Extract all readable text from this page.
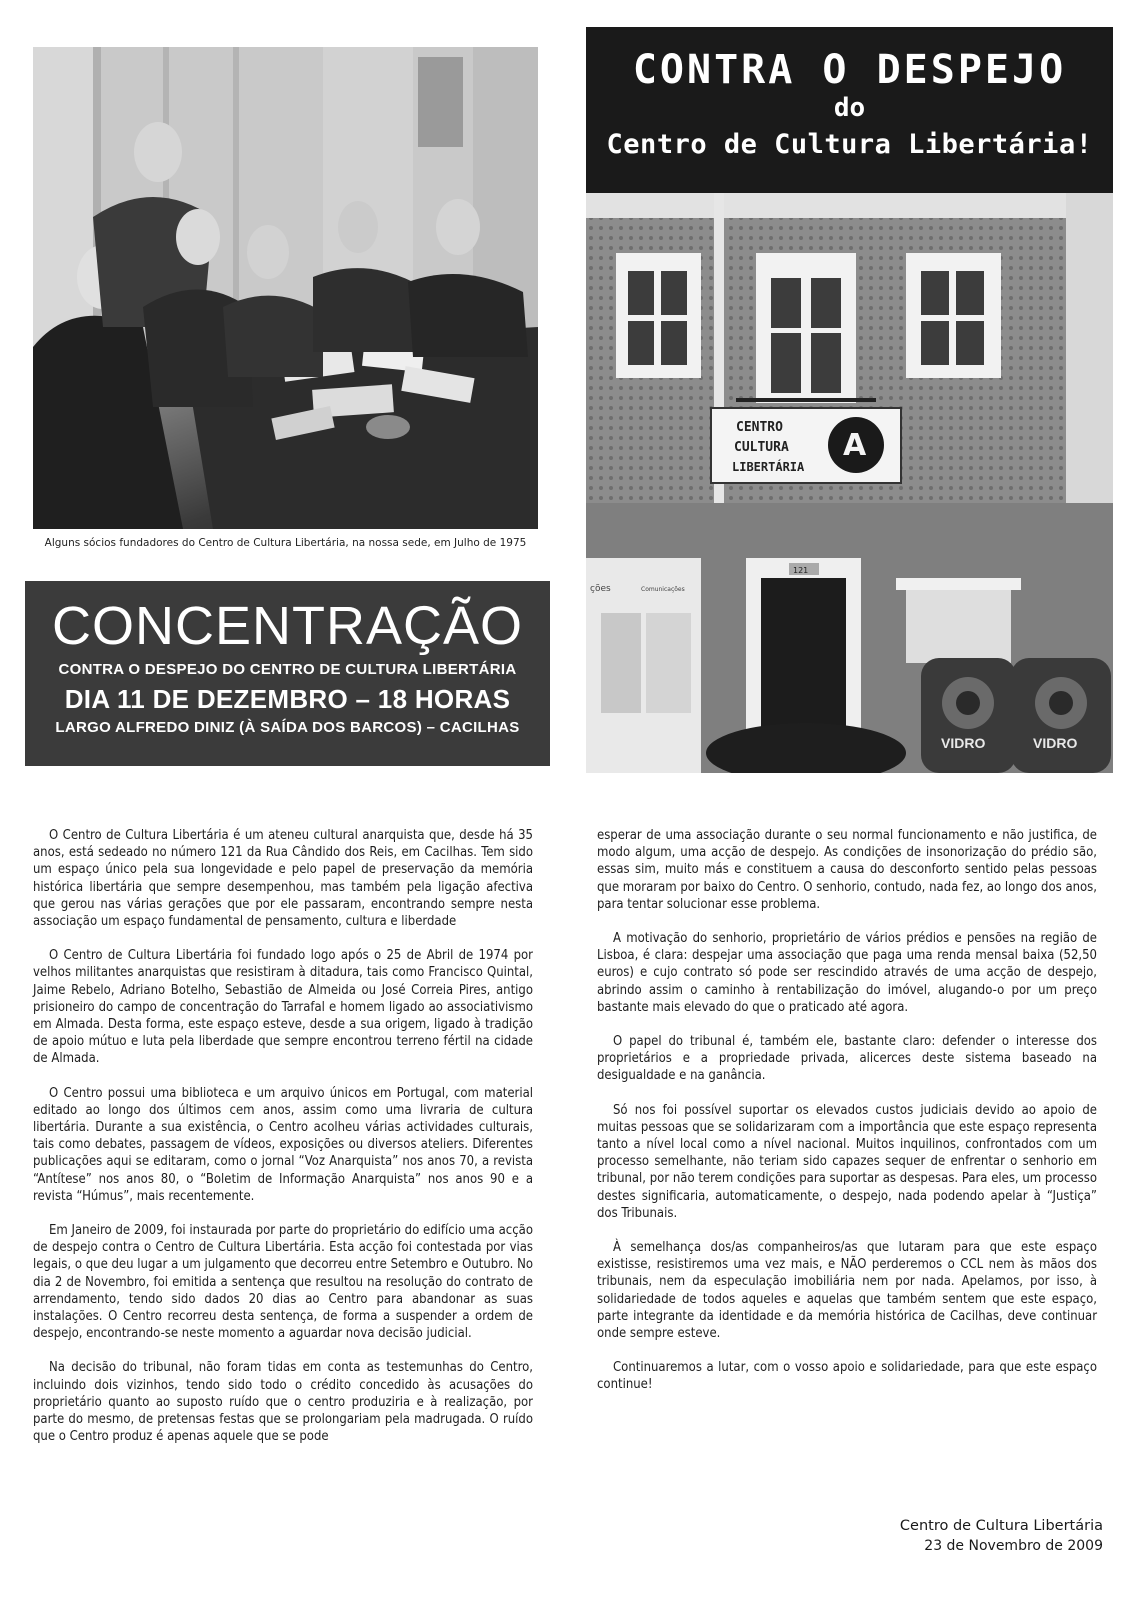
Alguns sócios fundadores do Centro de Cultura Libertária, na nossa sede, em Julho de 1975
CONCENTRAÇÃO
CONTRA O DESPEJO DO CENTRO DE CULTURA LIBERTÁRIA
DIA 11 DE DEZEMBRO – 18 HORAS
LARGO ALFREDO DINIZ (À SAÍDA DOS BARCOS) – CACILHAS
CONTRA O DESPEJO
do
Centro de Cultura Libertária!
CENTRO
CULTURA
LIBERTÁRIA
A
ções	Comunicações
121
VIDRO	VIDRO

O Centro de Cultura Libertária é um ateneu cultural anarquista que, desde há 35 anos, está sedeado no número 121 da Rua Cândido dos Reis, em Cacilhas. Tem sido um espaço único pela sua longevidade e pelo papel de preservação da memória histórica libertária que sempre desempenhou, mas também pela ligação afectiva que gerou nas várias gerações que por ele passaram, encontrando sempre nesta associação um espaço fundamental de pensamento, cultura e liberdade

O Centro de Cultura Libertária foi fundado logo após o 25 de Abril de 1974 por velhos militantes anarquistas que resistiram à ditadura, tais como Francisco Quintal, Jaime Rebelo, Adriano Botelho, Sebastião de Almeida ou José Correia Pires, antigo prisioneiro do campo de concentração do Tarrafal e homem ligado ao associativismo em Almada. Desta forma, este espaço esteve, desde a sua origem, ligado à tradição de apoio mútuo e luta pela liberdade que sempre encontrou terreno fértil na cidade de Almada.

O Centro possui uma biblioteca e um arquivo únicos em Portugal, com material editado ao longo dos últimos cem anos, assim como uma livraria de cultura libertária. Durante a sua existência, o Centro acolheu várias actividades culturais, tais como debates, passagem de vídeos, exposições ou diversos ateliers. Diferentes publicações aqui se editaram, como o jornal “Voz Anarquista” nos anos 70, a revista “Antítese” nos anos 80, o “Boletim de Informação Anarquista” nos anos 90 e a revista “Húmus”, mais recentemente.

Em Janeiro de 2009, foi instaurada por parte do proprietário do edifício uma acção de despejo contra o Centro de Cultura Libertária. Esta acção foi contestada por vias legais, o que deu lugar a um julgamento que decorreu entre Setembro e Outubro. No dia 2 de Novembro, foi emitida a sentença que resultou na resolução do contrato de arrendamento, tendo sido dados 20 dias ao Centro para abandonar as suas instalações. O Centro recorreu desta sentença, de forma a suspender a ordem de despejo, encontrando-se neste momento a aguardar nova decisão judicial.

Na decisão do tribunal, não foram tidas em conta as testemunhas do Centro, incluindo dois vizinhos, tendo sido todo o crédito concedido às acusações do proprietário quanto ao suposto ruído que o centro produziria e à realização, por parte do mesmo, de pretensas festas que se prolongariam pela madrugada. O ruído que o Centro produz é apenas aquele que se pode

esperar de uma associação durante o seu normal funcionamento e não justifica, de modo algum, uma acção de despejo. As condições de insonorização do prédio são, essas sim, muito más e constituem a causa do desconforto sentido pelas pessoas que moraram por baixo do Centro. O senhorio, contudo, nada fez, ao longo dos anos, para tentar solucionar esse problema.

A motivação do senhorio, proprietário de vários prédios e pensões na região de Lisboa, é clara: despejar uma associação que paga uma renda mensal baixa (52,50 euros) e cujo contrato só pode ser rescindido através de uma acção de despejo, abrindo assim o caminho à rentabilização do imóvel, alugando-o por um preço bastante mais elevado do que o praticado até agora.

O papel do tribunal é, também ele, bastante claro: defender o interesse dos proprietários e a propriedade privada, alicerces deste sistema baseado na desigualdade e na ganância.

Só nos foi possível suportar os elevados custos judiciais devido ao apoio de muitas pessoas que se solidarizaram com a importância que este espaço representa tanto a nível local como a nível nacional. Muitos inquilinos, confrontados com um processo semelhante, não teriam sido capazes sequer de enfrentar o senhorio em tribunal, por não terem condições para suportar as despesas. Para eles, um processo destes significaria, automaticamente, o despejo, nada podendo apelar à “Justiça” dos Tribunais.

À semelhança dos/as companheiros/as que lutaram para que este espaço existisse, resistiremos uma vez mais, e NÃO perderemos o CCL nem às mãos dos tribunais, nem da especulação imobiliária nem por nada. Apelamos, por isso, à solidariedade de todos aqueles e aquelas que também sentem que este espaço, parte integrante da identidade e da memória histórica de Cacilhas, deve continuar onde sempre esteve.

Continuaremos a lutar, com o vosso apoio e solidariedade, para que este espaço continue!

Centro de Cultura Libertária
23 de Novembro de 2009
